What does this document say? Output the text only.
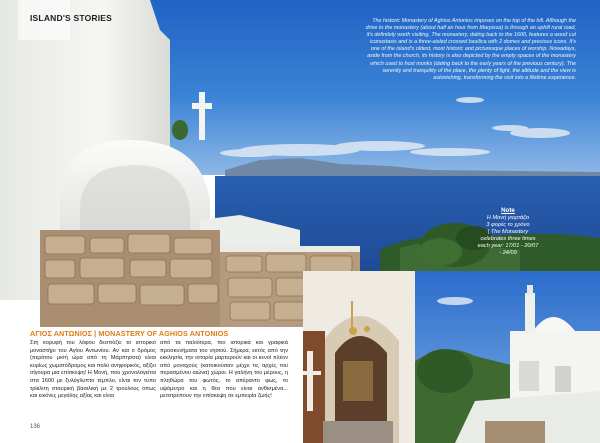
ISLAND'S STORIES	The historic Monastery of Aghios Antonios imposes on the top of the hill. Although the drive to the monastery (about half an hour from Marpissa) is through an uphill rural road, it's definitely worth visiting. The monastery, dating back to the 1600, features a wood cut iconostasis and is a three-aisled crossed basilica with 2 domes and precious icons. It's one of the island's oldest, most historic and picturesque places of worship. Nowadays, aside from the church, its history is also depicted by the empty spaces of the monastery which used to host monks (dating back to the early years of the previous century). The serenity and tranquility of the place, the plenty of light, the altitude and the view is astonishing, transforming the visit into a lifetime experience.
Note
Η Μονή γιορτάζει
3 φορές το χρόνο
| The Monastery
celebrates three times
each year: 17/01 - 20/07
- 24/09
ΑΓΙΟΣ ΑΝΤΩΝΙΟΣ | MONASTERY OF AGHIOS ANTONIOS
Στη κορυφή του λόφου δεσπόζει το ιστορικό μοναστήρι του Αγίου Αντωνίου. Αν και ο δρόμος (περίπου μισή ώρα από τη Μάρπησσα) είναι κυρίως χωματόδρομος και πολύ ανηφορικός, αξίζει σίγουρα μια επίσκεψη! Η Μονή, που χρονολογείται στα 1600 με ξυλόγλυπτο τέμπλο, είναι τον τύπο τρίκλιτη σταυρική βασιλική με 2 τρούλους όπως και εικόνες μεγάλης αξίας και είναι
από τα παλιότερα, πιο ιστορικά και γραφικά προσκυνήματα του νησιού. Σήμερα, εκτός από την εκκλησία, την ιστορία μαρτυρούν και οι κενοί πλέον από μοναχούς (κατοικούσαν μέχρι τις αρχές του περασμένου αιώνα) χώροι. Η γαλήνη του μέρους, η πληθώρα του φωτός, το απέραντο φως, το υψόμετρο και η θέα που είναι ανθισμένα... μετατρέπουν την επίσκεψη σε εμπειρία ζωής!
136
